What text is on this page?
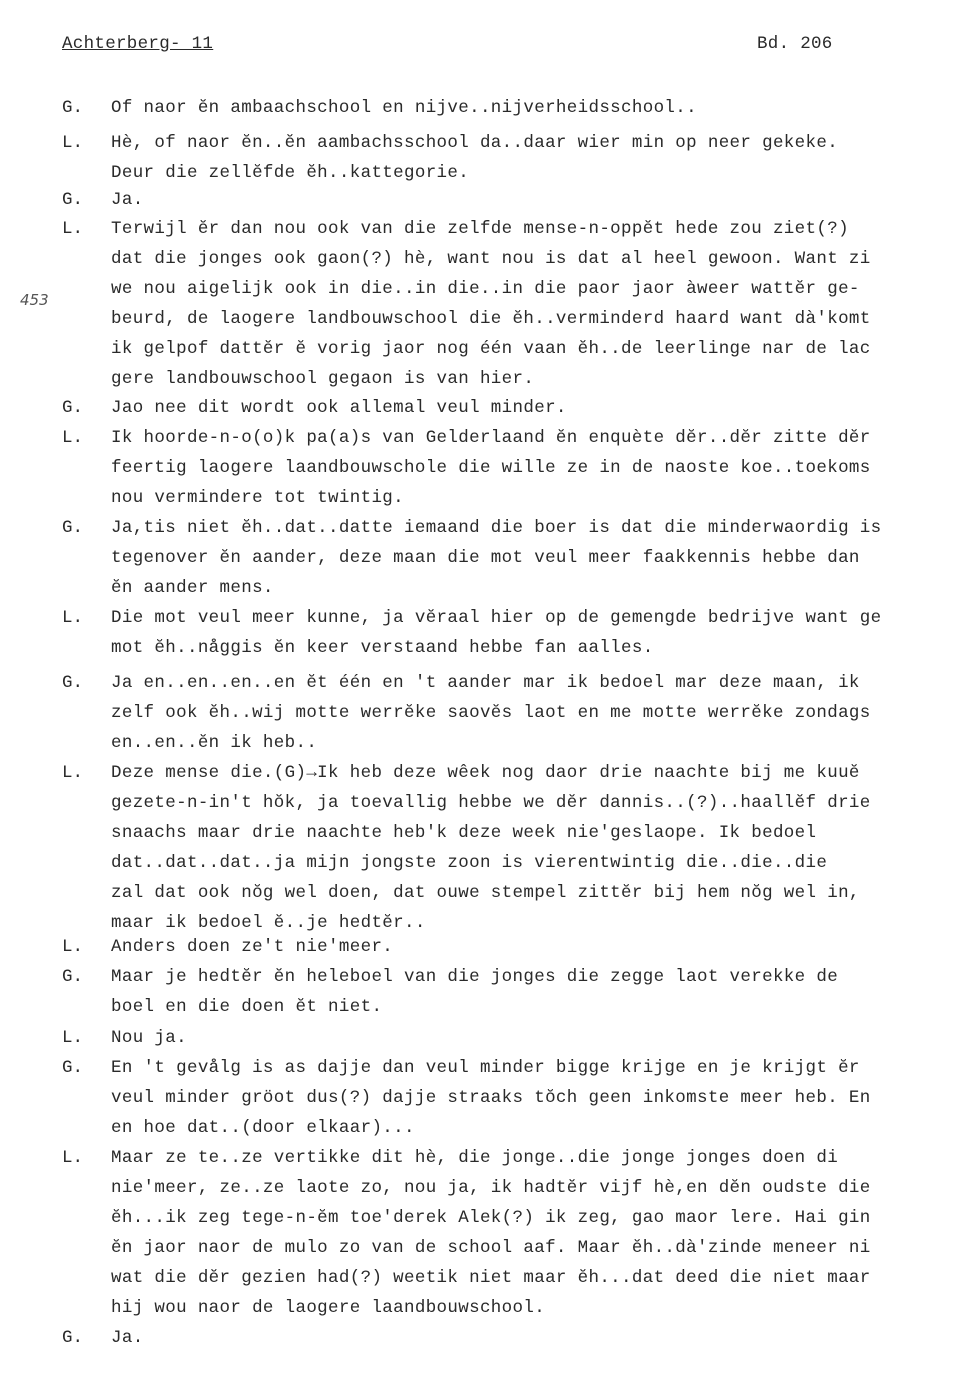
Achterberg- 11	Bd. 206
453
G. Of naor ĕn ambaachschool en nijve..nijverheidsschool..
L. Hè, of naor ĕn..ĕn aambachsschool da..daar wier min op neer gekeke.
Deur die zellĕfde ĕh..kattegorie.
G. Ja.
L. Terwijl ĕr dan nou ook van die zelfde mense-n-oppĕt hede zou ziet(?)
dat die jonges ook gaon(?) hè, want nou is dat al heel gewoon. Want zi
we nou aigelijk ook in die..in die..in die paor jaor àweer wattĕr ge-
beurd, de laogere landbouwschool die ĕh..verminderd haard want dà'komt
ik gelpof dattĕr ĕ vorig jaor nog één vaan ĕh..de leerlinge nar de lac
gere landbouwschool gegaon is van hier.
G. Jao nee dit wordt ook allemal veul minder.
L. Ik hoorde-n-o(o)k pa(a)s van Gelderlaand ĕn enquète dĕr..dĕr zitte dĕr
feertig laogere laandbouwschole die wille ze in de naoste koe..toekoms
nou vermindere tot twintig.
G. Ja,tis niet ĕh..dat..datte iemaand die boer is dat die minderwaordig is
tegenover ĕn aander, deze maan die mot veul meer faakkennis hebbe dan
ĕn aander mens.
L. Die mot veul meer kunne, ja vĕraal hier op de gemengde bedrijve want ge
mot ĕh..någgis ĕn keer verstaand hebbe fan aalles.
G. Ja en..en..en..en ĕt één en 't aander mar ik bedoel mar deze maan, ik
zelf ook ĕh..wij motte werrĕke saovĕs laot en me motte werrĕke zondags
en..en..ĕn ik heb..
L. Deze mense die.(G)→Ik heb deze wêek nog daor drie naachte bij me kuuĕ
gezete-n-in't hŏk, ja toevallig hebbe we dĕr dannis..(?)..haallĕf drie
snaachs maar drie naachte heb'k deze week nie'geslaope. Ik bedoel
dat..dat..dat..ja mijn jongste zoon is vierentwintig die..die..die
zal dat ook nŏg wel doen, dat ouwe stempel zittĕr bij hem nŏg wel in,
maar ik bedoel ĕ..je hedtĕr..
L. Anders doen ze't nie'meer.
G. Maar je hedtĕr ĕn heleboel van die jonges die zegge laot verekke de
boel en die doen ĕt niet.
L. Nou ja.
G. En 't gevålg is as dajje dan veul minder bigge krijge en je krijgt ĕr
veul minder gröot dus(?) dajje straaks tŏch geen inkomste meer heb. En
en hoe dat..(door elkaar)...
L. Maar ze te..ze vertikke dit hè, die jonge..die jonge jonges doen di
nie'meer, ze..ze laote zo, nou ja, ik hadtĕr vijf hè,en dĕn oudste die
ĕh...ik zeg tege-n-ĕm toe'derek Alek(?) ik zeg, gao maor lere. Hai gin
ĕn jaor naor de mulo zo van de school aaf. Maar ĕh..dà'zinde meneer ni
wat die dĕr gezien had(?) weetik niet maar ĕh...dat deed die niet maar
hij wou naor de laogere laandbouwschool.
G. Ja.
